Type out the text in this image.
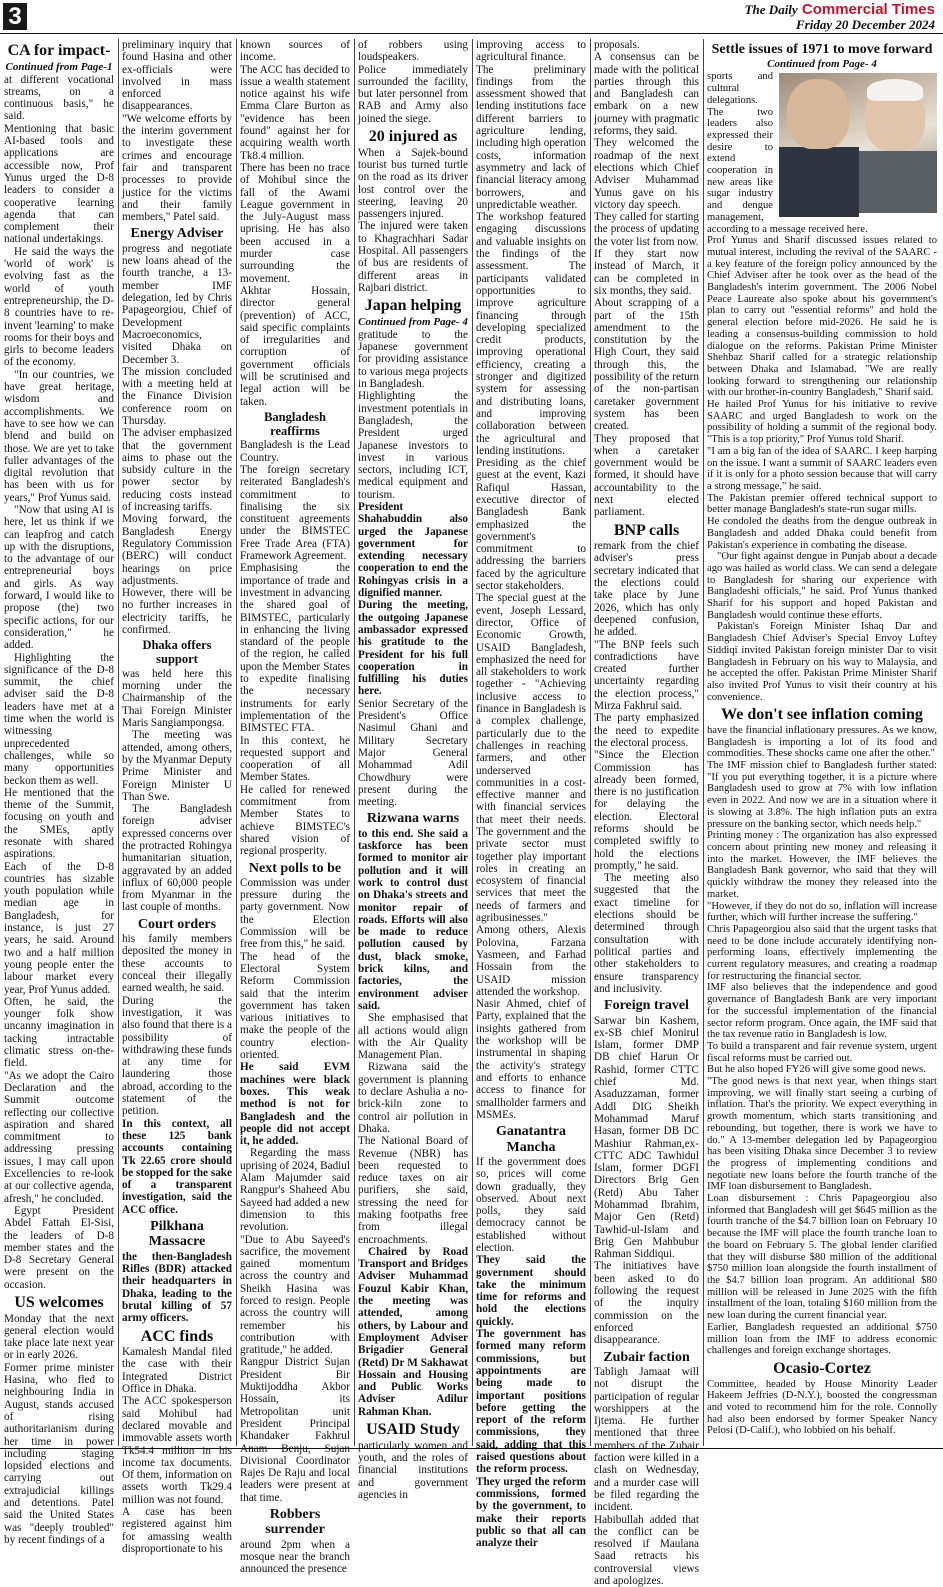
3	The Daily Commercial Times
Friday 20 December 2024
CA for impact-
Continued from Page-1

at different vocational streams, on a continuous basis," he said.

Mentioning that basic AI-based tools and applications are accessible now, Prof Yunus urged the D-8 leaders to consider a cooperative learning agenda that can complement their national undertakings.

He said the ways the 'world of work' is evolving fast as the world of youth entrepreneurship, the D-8 countries have to re-invent 'learning' to make rooms for their boys and girls to become leaders of the economy.

"In our countries, we have great heritage, wisdom and accomplishments. We have to see how we can blend and build on those. We are yet to take fuller advantages of the digital revolution that has been with us for years," Prof Yunus said.

"Now that using AI is here, let us think if we can leapfrog and catch up with the disruptions, to the advantage of our entrepreneurial boys and girls. As way forward, I would like to propose (the) two specific actions, for our consideration," he added.

Highlighting the significance of the D-8 summit, the chief adviser said the D-8 leaders have met at a time when the world is witnessing unprecedented challenges, while so many opportunities beckon them as well.

He mentioned that the theme of the Summit, focusing on youth and the SMEs, aptly resonate with shared aspirations.

Each of the D-8 countries has sizable youth population while median age in Bangladesh, for instance, is just 27 years, he said. Around two and a half million young people enter the labour market every year, Prof Yunus added.

Often, he said, the younger folk show uncanny imagination in tacking intractable climatic stress on-the-field.

"As we adopt the Cairo Declaration and the Summit outcome reflecting our collective aspiration and shared commitment to addressing pressing issues, I may call upon Excellencies to re-look at our collective agenda, afresh," he concluded.

Egypt President Abdel Fattah El-Sisi, the leaders of D-8 member states and the D-8 Secretary General were present on the occasion.

US welcomes

Monday that the next general election would take place late next year or in early 2026.

Former prime minister Hasina, who fled to neighbouring India in August, stands accused of rising authoritarianism during her time in power including staging lopsided elections and carrying out extrajudicial killings and detentions. Patel said the United States was "deeply troubled" by recent findings of a

preliminary inquiry that found Hasina and other ex-officials were involved in mass enforced disappearances.

"We welcome efforts by the interim government to investigate these crimes and encourage fair and transparent processes to provide justice for the victims and their family members," Patel said.

Energy Adviser

progress and negotiate new loans ahead of the fourth tranche, a 13-member IMF delegation, led by Chris Papageorgiou, Chief of Development Macroeconomics, visited Dhaka on December 3.

The mission concluded with a meeting held at the Finance Division conference room on Thursday.

The adviser emphasized that the government aims to phase out the subsidy culture in the power sector by reducing costs instead of increasing tariffs.

Moving forward, the Bangladesh Energy Regulatory Commission (BERC) will conduct hearings on price adjustments.

However, there will be no further increases in electricity tariffs, he confirmed.

Dhaka offers support

was held here this morning under the Chairmanship of the Thai Foreign Minister Maris Sangiampongsa.

The meeting was attended, among others, by the Myanmar Deputy Prime Minister and Foreign Minister U Than Swe.

The Bangladesh foreign adviser expressed concerns over the protracted Rohingya humanitarian situation, aggravated by an added influx of 60,000 people from Myanmar in the last couple of months.

Court orders

his family members deposited the money in these accounts to conceal their illegally earned wealth, he said.

During the investigation, it was also found that there is a possibility of withdrawing these funds at any time for laundering those abroad, according to the statement of the petition.

In this context, all these 125 bank accounts containing Tk 22.65 crore should be stopped for the sake of a transparent investigation, said the ACC office.

Pilkhana Massacre

the then-Bangladesh Rifles (BDR) attacked their headquarters in Dhaka, leading to the brutal killing of 57 army officers.

ACC finds

Kamalesh Mandal filed the case with their Integrated District Office in Dhaka.

The ACC spokesperson said Mohibul had declared movable and immovable assets worth Tk54.4 million in his income tax documents. Of them, information on assets worth Tk29.4 million was not found.

A case has been registered against him for amassing wealth disproportionate to his

known sources of income.

The ACC has decided to issue a wealth statement notice against his wife Emma Clare Burton as "evidence has been found" against her for acquiring wealth worth Tk8.4 million.

There has been no trace of Mohibul since the fall of the Awami League government in the July-August mass uprising. He has also been accused in a murder case surrounding the movement.

Akhtar Hossain, director general (prevention) of ACC, said specific complaints of irregularities and corruption of government officials will be scrutinised and legal action will be taken.

Bangladesh reaffirms

Bangladesh is the Lead Country.

The foreign secretary reiterated Bangladesh's commitment to finalising the six constituent agreements under the BIMSTEC Free Trade Area (FTA) Framework Agreement.

Emphasising the importance of trade and investment in advancing the shared goal of BIMSTEC, particularly in enhancing the living standard of the people of the region, he called upon the Member States to expedite finalising the necessary instruments for early implementation of the BIMSTEC FTA.

In this context, he requested support and cooperation of all Member States.

He called for renewed commitment from Member States to achieve BIMSTEC's shared vision of regional prosperity.

Next polls to be

Commission was under pressure during the party government. Now the Election Commission will be free from this," he said.

The head of the Electoral System Reform Commission said that the interim government has taken various initiatives to make the people of the country election-oriented.

He said EVM machines were black boxes. This weak method is not for Bangladesh and the people did not accept it, he added.

Regarding the mass uprising of 2024, Badiul Alam Majumder said Rangpur's Shaheed Abu Sayeed had added a new dimension to this revolution.

"Due to Abu Sayeed's sacrifice, the movement gained momentum across the country and Sheikh Hasina was forced to resign. People across the country will remember his contribution with gratitude," he added.

Rangpur District Sujan President Bir Muktijoddha Akbor Hossain, its Metropolitan unit President Principal Khandaker Fakhrul Anam Benju, Sujan Divisional Coordinator Rajes De Raju and local leaders were present at that time.

Robbers surrender

around 2pm when a mosque near the branch announced the presence

of robbers using loudspeakers.

Police immediately surrounded the facility, but later personnel from RAB and Army also joined the siege.

20 injured as

When a Sajek-bound tourist bus turned turtle on the road as its driver lost control over the steering, leaving 20 passengers injured.

The injured were taken to Khagrachhari Sadar Hospital. All passengers of bus are residents of different areas in Rajbari district.

Japan helping
Continued from Page- 4

gratitude to the Japanese government for providing assistance to various mega projects in Bangladesh.

Highlighting the investment potentials in Bangladesh, the President urged Japanese investors to invest in various sectors, including ICT, medical equipment and tourism.

President Shahabuddin also urged the Japanese government for extending necessary cooperation to end the Rohingyas crisis in a dignified manner.

During the meeting, the outgoing Japanese ambassador expressed his gratitude to the President for his full cooperation in fulfilling his duties here.

Senior Secretary of the President's Office Nasimul Ghani and Military Secretary Major General Mohammad Adil Chowdhury were present during the meeting.

Rizwana warns

to this end. She said a taskforce has been formed to monitor air pollution and it will work to control dust on Dhaka's streets and monitor repair of roads. Efforts will also be made to reduce pollution caused by dust, black smoke, brick kilns, and factories, the environment adviser said.

She emphasised that all actions would align with the Air Quality Management Plan.

Rizwana said the government is planning to declare Ashulia a no-brick-kiln zone to control air pollution in Dhaka.

The National Board of Revenue (NBR) has been requested to reduce taxes on air purifiers, she said, stressing the need for making footpaths free from illegal encroachments.

Chaired by Road Transport and Bridges Adviser Muhammad Fouzul Kabir Khan, the meeting was attended, among others, by Labour and Employment Adviser Brigadier General (Retd) Dr M Sakhawat Hossain and Housing and Public Works Adviser Adilur Rahman Khan.

USAID Study

particularly women and youth, and the roles of financial institutions and government agencies in

improving access to agricultural finance.

The preliminary findings from the assessment showed that lending institutions face different barriers to agriculture lending, including high operation costs, information asymmetry and lack of financial literacy among borrowers, and unpredictable weather.

The workshop featured engaging discussions and valuable insights on the findings of the assessment. The participants validated opportunities to improve agriculture financing through developing specialized credit products, improving operational efficiency, creating a stronger and digitized system for assessing and distributing loans, and improving collaboration between the agricultural and lending institutions.

Presiding as the chief guest at the event, Kazi Rafiqul Hassan, executive director of Bangladesh Bank emphasized the government's commitment to addressing the barriers faced by the agriculture sector stakeholders.

The special guest at the event, Joseph Lessard, director, Office of Economic Growth, USAID Bangladesh, emphasized the need for all stakeholders to work together - "Achieving inclusive access to finance in Bangladesh is a complex challenge, particularly due to the challenges in reaching farmers, and other underserved communities in a cost-effective manner and with financial services that meet their needs. The government and the private sector must together play important roles in creating an ecosystem of financial services that meet the needs of farmers and agribusinesses."

Among others, Alexis Polovina, Farzana Yasmeen, and Farhad Hossain from the USAID mission attended the workshop.

Nasir Ahmed, chief of Party, explained that the insights gathered from the workshop will be instrumental in shaping the activity's strategy and efforts to enhance access to finance for smallholder farmers and MSMEs.

Ganatantra Mancha

If the government does so, prices will come down gradually, they observed. About next polls, they said democracy cannot be established without election.

They said the government should take the minimum time for reforms and hold the elections quickly.

The government has formed many reform commissions, but appointments are being made to important positions before getting the report of the reform commissions, they said, adding that this raised questions about the reform process.

They urged the reform commissions, formed by the government, to make their reports public so that all can analyze their

proposals.

A consensus can be made with the political parties through this and Bangladesh can embark on a new journey with pragmatic reforms, they said.

They welcomed the roadmap of the next elections which Chief Adviser Muhammad Yunus gave on his victory day speech.

They called for starting the process of updating the voter list from now.

If they start now instead of March, it can be completed in six months, they said.

About scrapping of a part of the 15th amendment to the constitution by the High Court, they said through this, the possibility of the return of the non-partisan caretaker government system has been created.

They proposed that when a caretaker government would be formed, it should have accountability to the next elected parliament.

BNP calls

remark from the chief adviser's press secretary indicated that the elections could take place by June 2026, which has only deepened confusion, he added.

"The BNP feels such contradictions have created further uncertainty regarding the election process," Mirza Fakhrul said.

The party emphasized the need to expedite the electoral process.

"Since the Election Commission has already been formed, there is no justification for delaying the election. Electoral reforms should be completed swiftly to hold the elections promptly," he said.

The meeting also suggested that the exact timeline for elections should be determined through consultation with political parties and other stakeholders to ensure transparency and inclusivity.

Foreign travel

Sarwar bin Kashem, ex-SB chief Monirul Islam, former DMP DB chief Harun Or Rashid, former CTTC chief Md. Asaduzzaman, former Addl DIG Sheikh Mohammad Maruf Hasan, former DB DC Mashiur Rahman,ex-CTTC ADC Tawhidul Islam, former DGFI Directors Brig Gen (Retd) Abu Taher Mohammad Ibrahim, Major Gen (Retd) Tawhid-ul-Islam and Brig Gen Mahbubur Rahman Siddiqui.

The initiatives have been asked to do following the request of the inquiry commission on the enforced disappearance.

Zubair faction

Tabligh Jamaat will not disrupt the participation of regular worshippers at the Ijtema. He further mentioned that three members of the Zubair faction were killed in a clash on Wednesday, and a murder case will be filed regarding the incident.

Habibullah added that the conflict can be resolved if Maulana Saad retracts his controversial views and apologizes.

Settle issues of 1971 to move forward
Continued from Page- 4

sports and cultural delegations. The two leaders also expressed their desire to extend cooperation in new areas like sugar industry and dengue management, according to a message received here.

Prof Yunus and Sharif discussed issues related to mutual interest, including the revival of the SAARC - a key feature of the foreign policy announced by the Chief Adviser after he took over as the head of the Bangladesh's interim government. The 2006 Nobel Peace Laureate also spoke about his government's plan to carry out "essential reforms" and hold the general election before mid-2026. He said he is leading a consensus-building commission to hold dialogue on the reforms. Pakistan Prime Minister Shehbaz Sharif called for a strategic relationship between Dhaka and Islamabad. "We are really looking forward to strengthening our relationship with our brother-in-country Bangladesh," Sharif said.

He hailed Prof Yunus for his initiative to revive SAARC and urged Bangladesh to work on the possibility of holding a summit of the regional body. "This is a top priority," Prof Yunus told Sharif.

"I am a big fan of the idea of SAARC. I keep harping on the issue. I want a summit of SAARC leaders even if it is only for a photo session because that will carry a strong message," he said.

The Pakistan premier offered technical support to better manage Bangladesh's state-run sugar mills.

He condoled the deaths from the dengue outbreak in Bangladesh and added Dhaka could benefit from Pakistan's experience in combating the disease.

"Our fight against dengue in Punjab about a decade ago was hailed as world class. We can send a delegate to Bangladesh for sharing our experience with Bangladeshi officials," he said. Prof Yunus thanked Sharif for his support and hoped Pakistan and Bangladesh would continue these efforts.

Pakistan's Foreign Minister Ishaq Dar and Bangladesh Chief Adviser's Special Envoy Luftey Siddiqi invited Pakistan foreign minister Dar to visit Bangladesh in February on his way to Malaysia, and he accepted the offer. Pakistan Prime Minister Sharif also invited Prof Yunus to visit their country at his convenience.

We don't see inflation coming

have the financial inflationary pressures. As we know, Bangladesh is importing a lot of its food and commodities. These shocks came one after the other."

The IMF mission chief to Bangladesh further stated: "If you put everything together, it is a picture where Bangladesh used to grow at 7% with low inflation even in 2022. And now we are in a situation where it is slowing at 3.8%. The high inflation puts an extra pressure on the banking sector, which needs help."

Printing money : The organization has also expressed concern about printing new money and releasing it into the market. However, the IMF believes the Bangladesh Bank governor, who said that they will quickly withdraw the money they released into the market.

"However, if they do not do so, inflation will increase further, which will further increase the suffering."

Chris Papageorgiou also said that the urgent tasks that need to be done include accurately identifying non-performing loans, effectively implementing the current regulatory measures, and creating a roadmap for restructuring the financial sector.

IMF also believes that the independence and good governance of Bangladesh Bank are very important for the successful implementation of the financial sector reform program. Once again, the IMF said that the tax revenue ratio in Bangladesh is low.

To build a transparent and fair revenue system, urgent fiscal reforms must be carried out.

But he also hoped FY26 will give some good news.

"The good news is that next year, when things start improving, we will finally start seeing a curbing of inflation. That's the priority. We expect everything in growth momentum, which starts transitioning and rebounding, but together, there is work we have to do." A 13-member delegation led by Papageorgiou has been visiting Dhaka since December 3 to review the progress of implementing conditions and negotiate new loans before the fourth tranche of the IMF loan disbursement to Bangladesh.

Loan disbursement : Chris Papageorgiou also informed that Bangladesh will get $645 million as the fourth tranche of the $4.7 billion loan on February 10 because the IMF will place the fourth tranche loan to the board on February 5. The global lender clarified that they will disburse $80 million of the additional $750 million loan alongside the fourth installment of the $4.7 billion loan program. An additional $80 million will be released in June 2025 with the fifth installment of the loan, totaling $160 million from the new loan during the current financial year.

Earlier, Bangladesh requested an additional $750 million loan from the IMF to address economic challenges and foreign exchange shortages.

Ocasio-Cortez

Committee, headed by House Minority Leader Hakeem Jeffries (D-N.Y.), boosted the congressman and voted to recommend him for the role. Connolly had also been endorsed by former Speaker Nancy Pelosi (D-Calif.), who lobbied on his behalf.
